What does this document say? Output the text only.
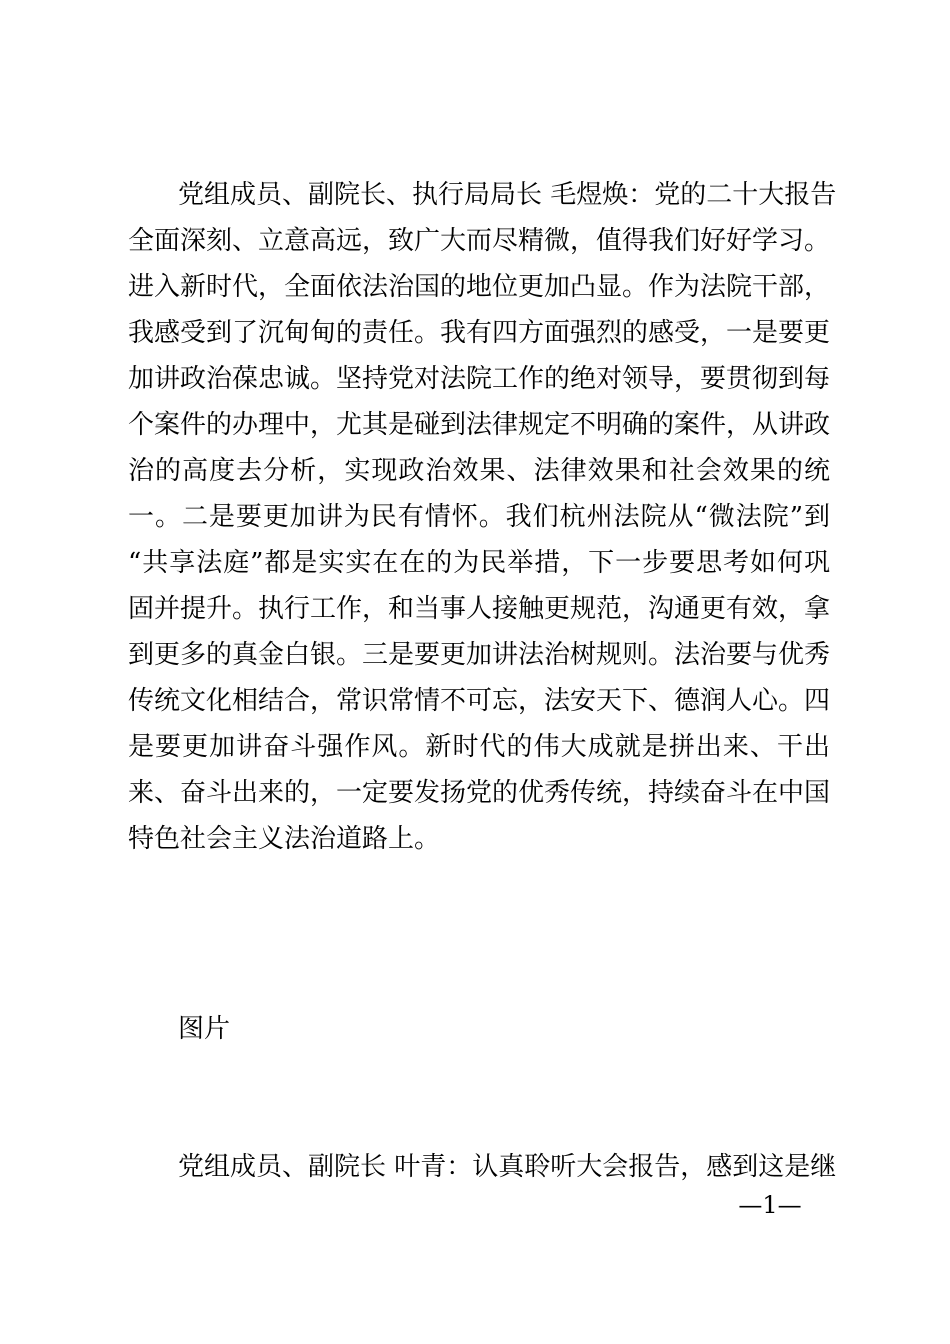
党组成员、副院长、执行局局长 毛煜焕：党的二十大报告
全面深刻、立意高远，致广大而尽精微，值得我们好好学习。
进入新时代，全面依法治国的地位更加凸显。作为法院干部，
我感受到了沉甸甸的责任。我有四方面强烈的感受，一是要更
加讲政治葆忠诚。坚持党对法院工作的绝对领导，要贯彻到每
个案件的办理中，尤其是碰到法律规定不明确的案件，从讲政
治的高度去分析，实现政治效果、法律效果和社会效果的统
一。二是要更加讲为民有情怀。我们杭州法院从“微法院”到
“共享法庭”都是实实在在的为民举措，下一步要思考如何巩
固并提升。执行工作，和当事人接触更规范，沟通更有效，拿
到更多的真金白银。三是要更加讲法治树规则。法治要与优秀
传统文化相结合，常识常情不可忘，法安天下、德润人心。四
是要更加讲奋斗强作风。新时代的伟大成就是拼出来、干出
来、奋斗出来的，一定要发扬党的优秀传统，持续奋斗在中国
特色社会主义法治道路上。
图片
党组成员、副院长 叶青：认真聆听大会报告，感到这是继
—1—
